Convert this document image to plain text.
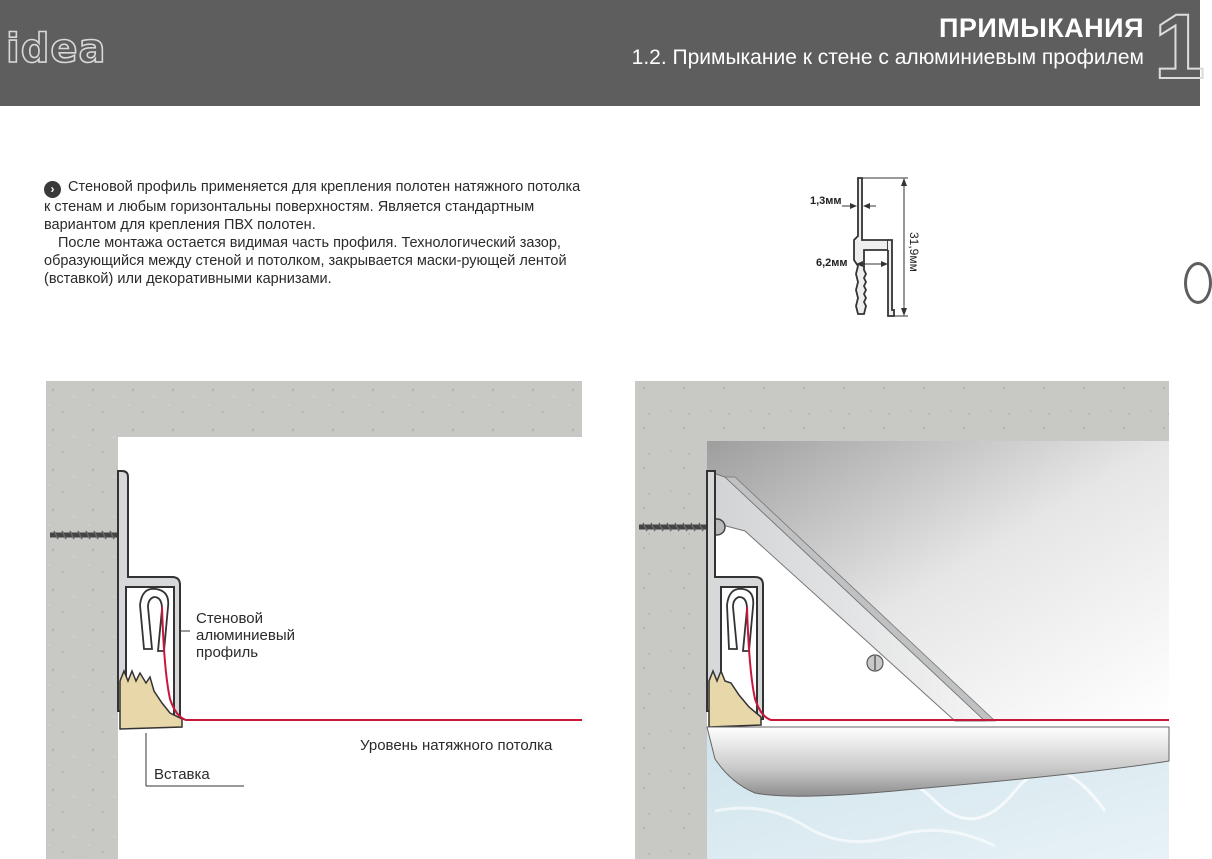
idea	ПРИМЫКАНИЯ
1.2. Примыкание к стене с алюминиевым профилем 1

› Стеновой профиль применяется для крепления полотен натяжного потолка к стенам и любым горизонтальны поверхностям. Является стандартным вариантом для крепления ПВХ полотен.

После монтажа остается видимая часть профиля. Технологический зазор, образующийся между стеной и потолком, закрывается маски-рующей лентой (вставкой) или декоративными карнизами.

31,9мм
1,3мм
6,2мм
Стеновой
алюминиевый
профиль
Уровень натяжного потолка
Вставка
